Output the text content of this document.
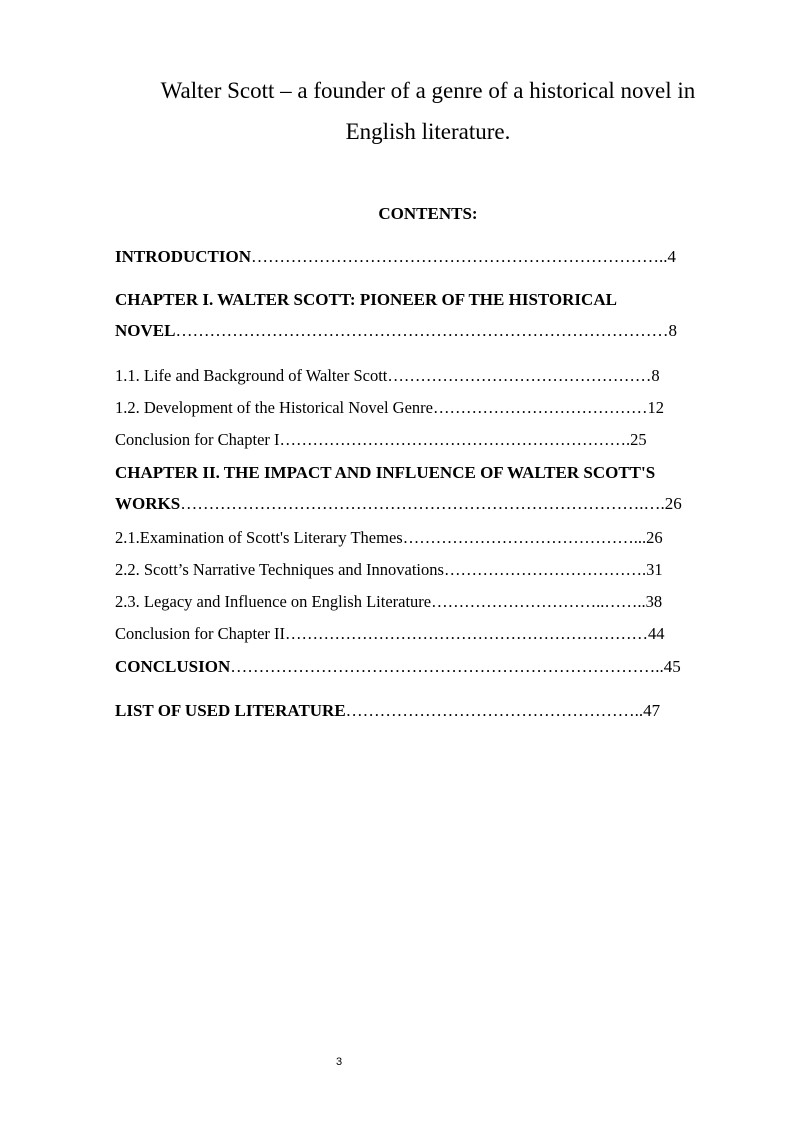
Walter Scott – a founder of a genre of a historical novel in

English literature.

CONTENTS:

INTRODUCTION………………………………………………………………..4
CHAPTER I. WALTER SCOTT: PIONEER OF THE HISTORICAL
NOVEL……………………………………………………………………………8
1.1. Life and Background of Walter Scott…………………………………………8
1.2. Development of the Historical Novel Genre…………………………………12
Conclusion for Chapter I……………………………………………………….25
CHAPTER II. THE IMPACT AND INFLUENCE OF WALTER SCOTT'S
WORKS……………………………………………………………………….….26
2.1.Examination of Scott's Literary Themes……………………………………...26
2.2. Scott’s Narrative Techniques and Innovations……………………………….31
2.3. Legacy and Influence on English Literature…………………………..……..38
Conclusion for Chapter II…………………………………………………………44
CONCLUSION…………………………………………………………………..45
LIST OF USED LITERATURE……………………………………………..47
3
